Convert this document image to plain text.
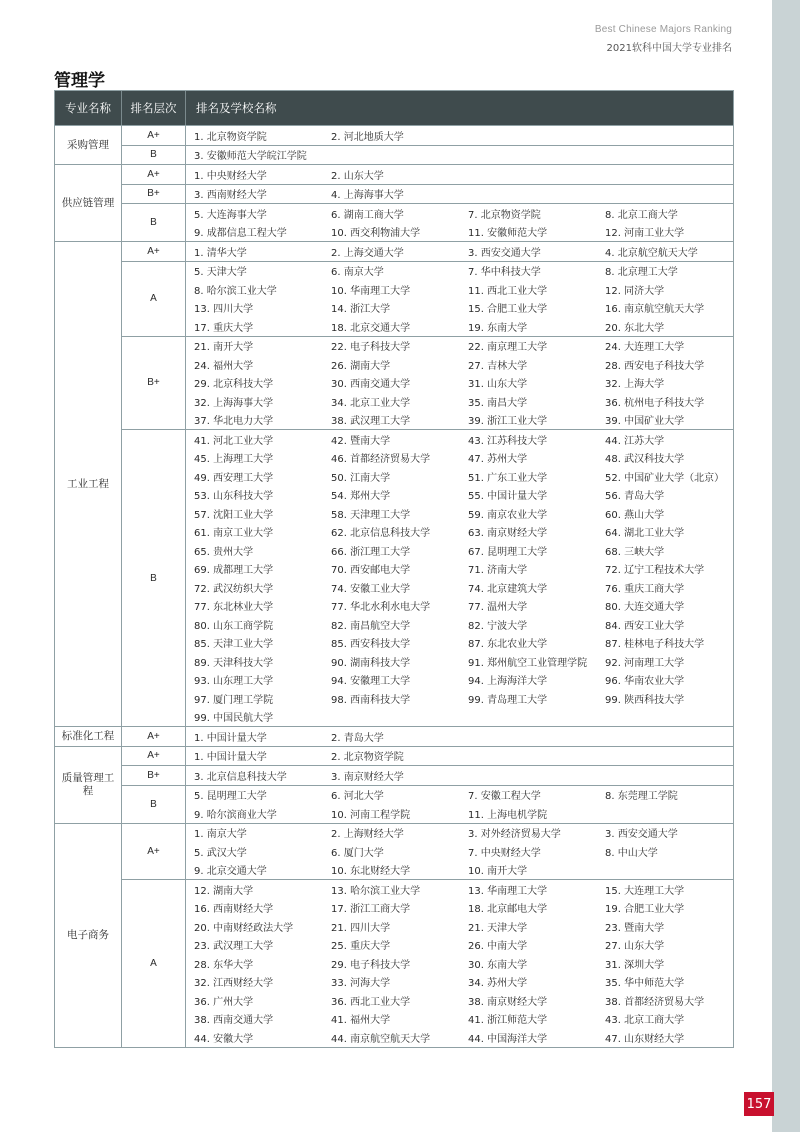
Best Chinese Majors Ranking
2021软科中国大学专业排名
管理学
专业名称	排名层次	排名及学校名称
采购管理
A+	1. 北京物资学院	2. 河北地质大学
B	3. 安徽师范大学皖江学院
供应链管理
A+	1. 中央财经大学	2. 山东大学
B+	3. 西南财经大学	4. 上海海事大学
B
5. 大连海事大学	6. 湖南工商大学	7. 北京物资学院	8. 北京工商大学
9. 成都信息工程大学	10. 西交利物浦大学	11. 安徽师范大学	12. 河南工业大学
工业工程
A+	1. 清华大学	2. 上海交通大学	3. 西安交通大学	4. 北京航空航天大学
A
5. 天津大学	6. 南京大学	7. 华中科技大学	8. 北京理工大学
8. 哈尔滨工业大学	10. 华南理工大学	11. 西北工业大学	12. 同济大学
13. 四川大学	14. 浙江大学	15. 合肥工业大学	16. 南京航空航天大学
17. 重庆大学	18. 北京交通大学	19. 东南大学	20. 东北大学
B+
21. 南开大学	22. 电子科技大学	22. 南京理工大学	24. 大连理工大学
24. 福州大学	26. 湖南大学	27. 吉林大学	28. 西安电子科技大学
29. 北京科技大学	30. 西南交通大学	31. 山东大学	32. 上海大学
32. 上海海事大学	34. 北京工业大学	35. 南昌大学	36. 杭州电子科技大学
37. 华北电力大学	38. 武汉理工大学	39. 浙江工业大学	39. 中国矿业大学
B
41. 河北工业大学	42. 暨南大学	43. 江苏科技大学	44. 江苏大学
45. 上海理工大学	46. 首都经济贸易大学	47. 苏州大学	48. 武汉科技大学
49. 西安理工大学	50. 江南大学	51. 广东工业大学	52. 中国矿业大学（北京）
53. 山东科技大学	54. 郑州大学	55. 中国计量大学	56. 青岛大学
57. 沈阳工业大学	58. 天津理工大学	59. 南京农业大学	60. 燕山大学
61. 南京工业大学	62. 北京信息科技大学	63. 南京财经大学	64. 湖北工业大学
65. 贵州大学	66. 浙江理工大学	67. 昆明理工大学	68. 三峡大学
69. 成都理工大学	70. 西安邮电大学	71. 济南大学	72. 辽宁工程技术大学
72. 武汉纺织大学	74. 安徽工业大学	74. 北京建筑大学	76. 重庆工商大学
77. 东北林业大学	77. 华北水利水电大学	77. 温州大学	80. 大连交通大学
80. 山东工商学院	82. 南昌航空大学	82. 宁波大学	84. 西安工业大学
85. 天津工业大学	85. 西安科技大学	87. 东北农业大学	87. 桂林电子科技大学
89. 天津科技大学	90. 湖南科技大学	91. 郑州航空工业管理学院	92. 河南理工大学
93. 山东理工大学	94. 安徽理工大学	94. 上海海洋大学	96. 华南农业大学
97. 厦门理工学院	98. 西南科技大学	99. 青岛理工大学	99. 陕西科技大学
99. 中国民航大学
标准化工程	A+	1. 中国计量大学	2. 青岛大学
质量管理工程
A+	1. 中国计量大学	2. 北京物资学院
B+	3. 北京信息科技大学	3. 南京财经大学
B
5. 昆明理工大学	6. 河北大学	7. 安徽工程大学	8. 东莞理工学院
9. 哈尔滨商业大学	10. 河南工程学院	11. 上海电机学院
电子商务
A+
1. 南京大学	2. 上海财经大学	3. 对外经济贸易大学	3. 西安交通大学
5. 武汉大学	6. 厦门大学	7. 中央财经大学	8. 中山大学
9. 北京交通大学	10. 东北财经大学	10. 南开大学
A
12. 湖南大学	13. 哈尔滨工业大学	13. 华南理工大学	15. 大连理工大学
16. 西南财经大学	17. 浙江工商大学	18. 北京邮电大学	19. 合肥工业大学
20. 中南财经政法大学	21. 四川大学	21. 天津大学	23. 暨南大学
23. 武汉理工大学	25. 重庆大学	26. 中南大学	27. 山东大学
28. 东华大学	29. 电子科技大学	30. 东南大学	31. 深圳大学
32. 江西财经大学	33. 河海大学	34. 苏州大学	35. 华中师范大学
36. 广州大学	36. 西北工业大学	38. 南京财经大学	38. 首都经济贸易大学
38. 西南交通大学	41. 福州大学	41. 浙江师范大学	43. 北京工商大学
44. 安徽大学	44. 南京航空航天大学	44. 中国海洋大学	47. 山东财经大学
157
